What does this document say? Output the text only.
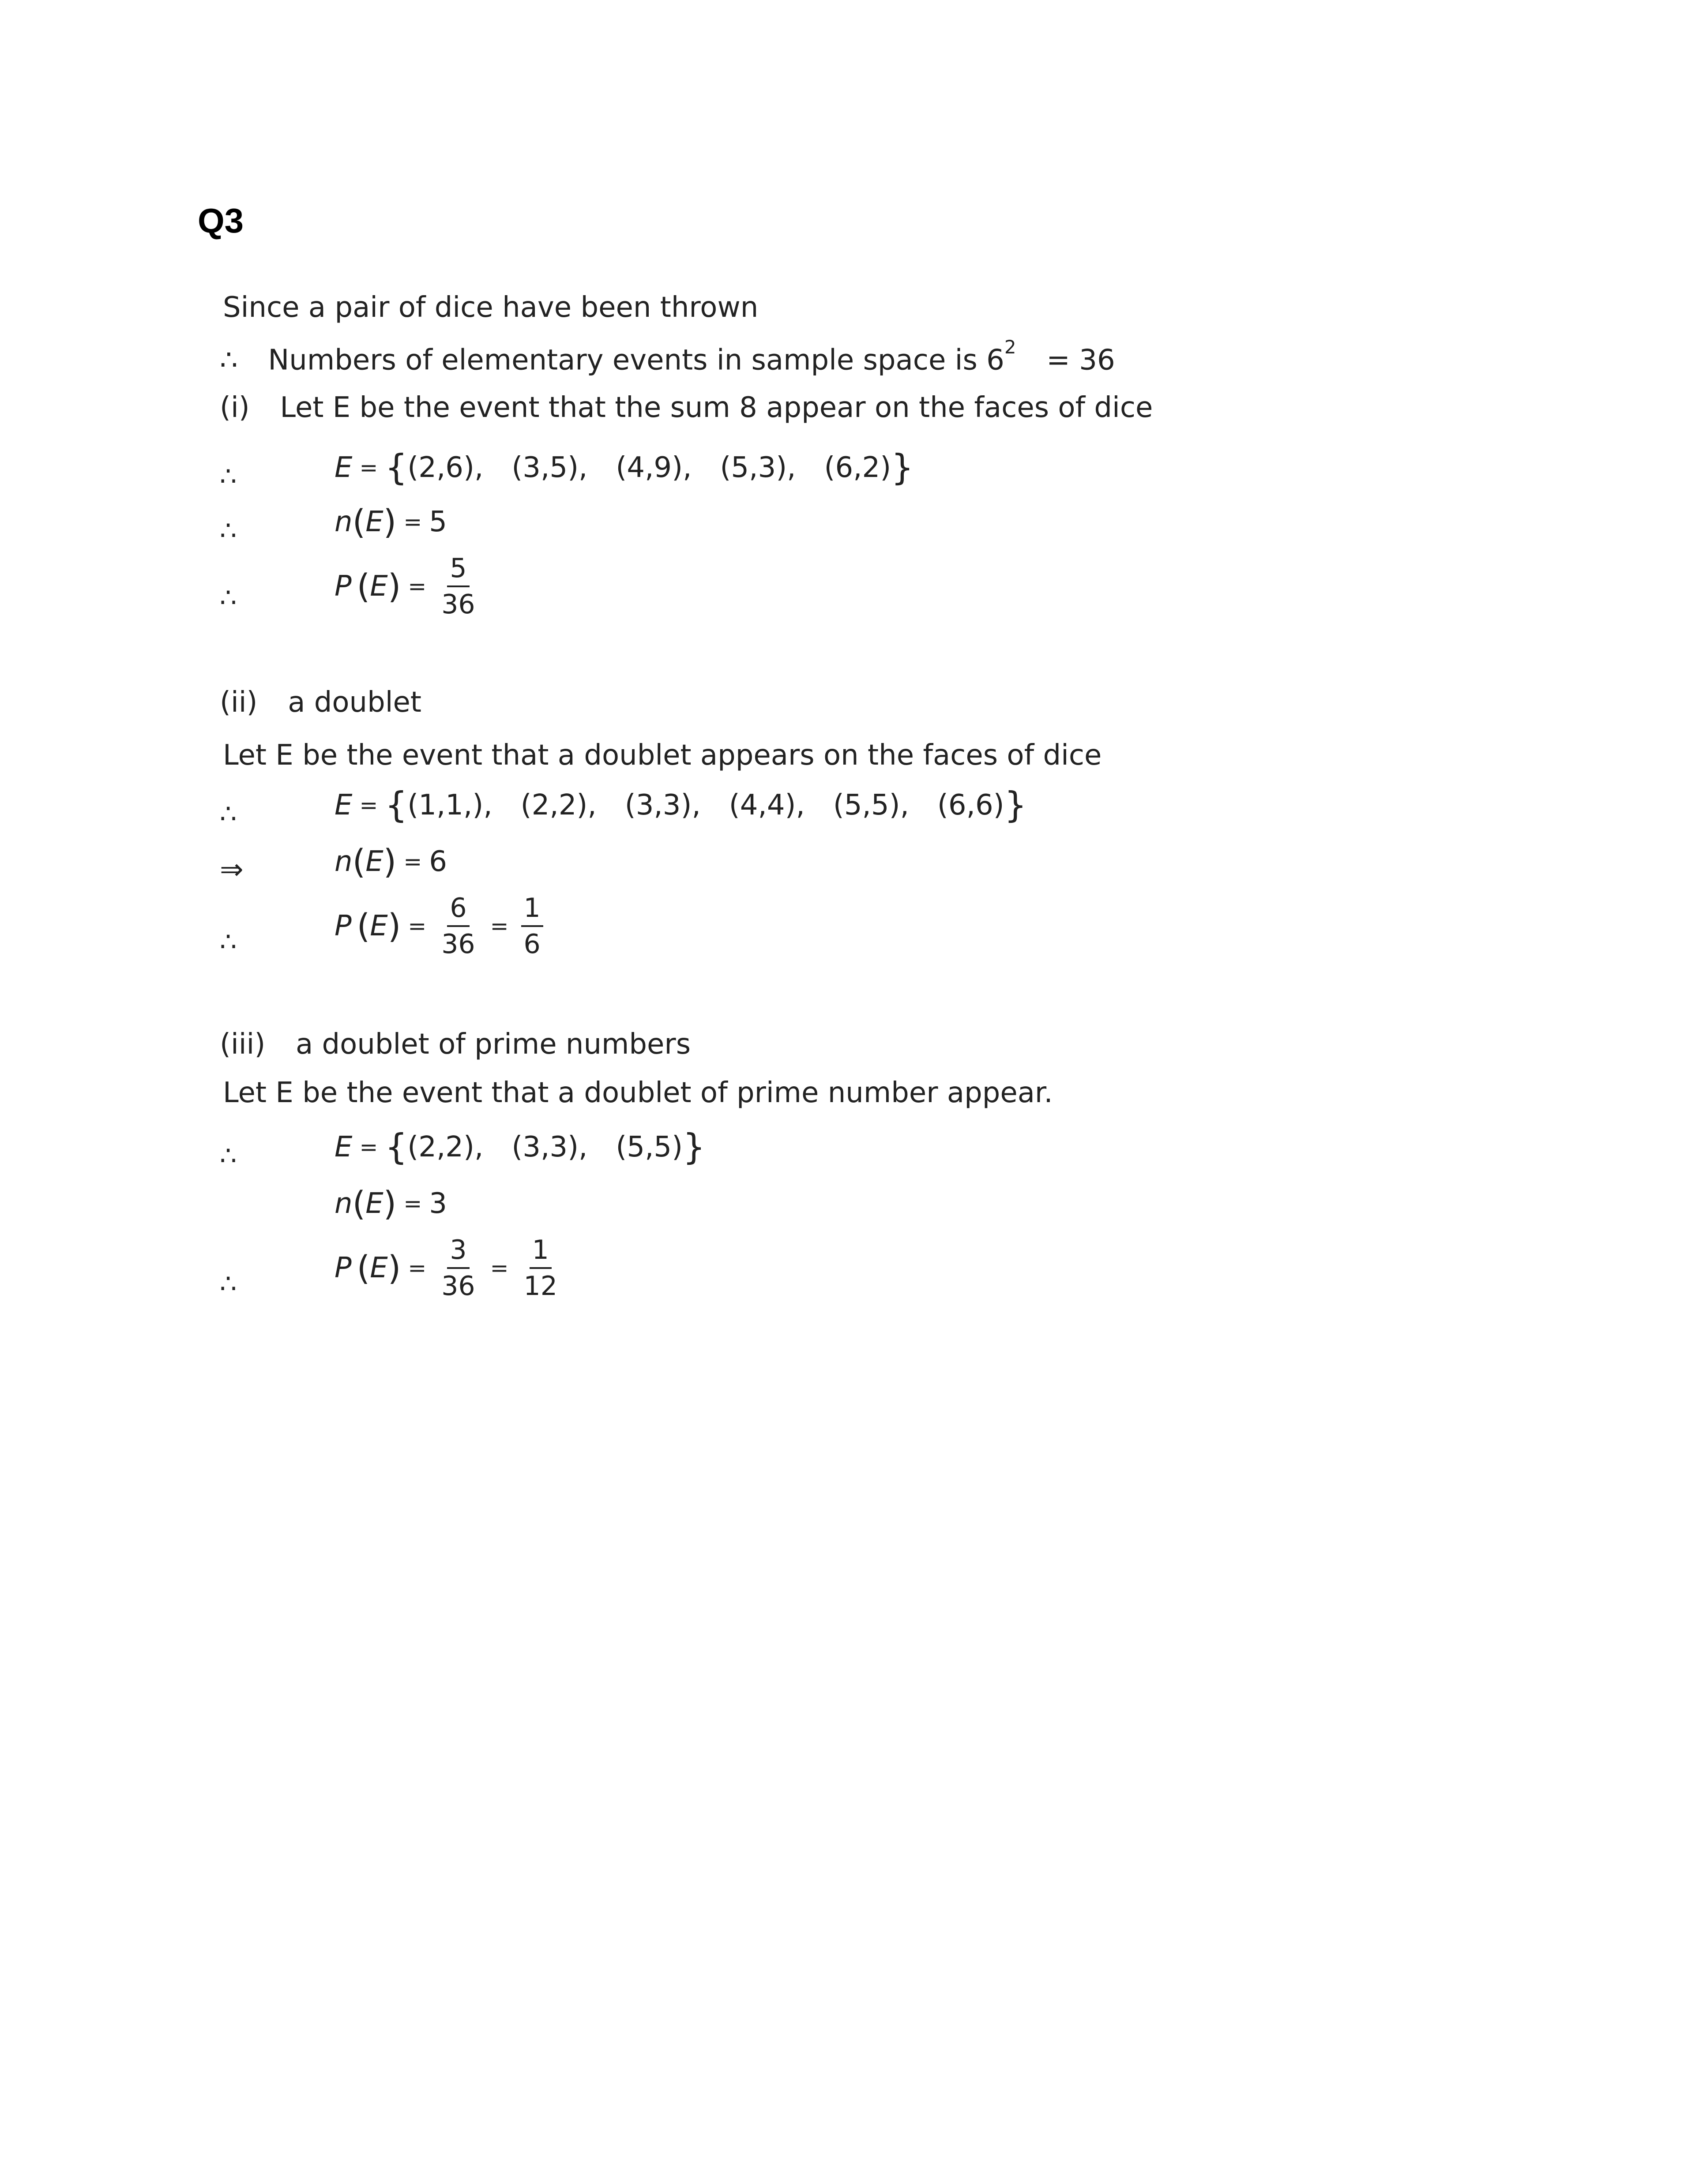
Q3
Since a pair of dice have been thrown
∴ Numbers of elementary events in sample space is $6^2 = 36$
(i) Let E be the event that the sum 8 appear on the faces of dice
∴	E = { (2,6), (3,5), (4,9), (5,3), (6,2) }
∴	n ( E ) = 5
∴	P ( E ) = $\frac{5}{36}$
(ii) a doublet
Let E be the event that a doublet appears on the faces of dice
∴	E = { (1,1,), (2,2), (3,3), (4,4), (5,5), (6,6) }
⇒	n ( E ) = 6
∴	P ( E ) = $\frac{6}{36} = \frac{1}{6}$
(iii) a doublet of prime numbers
Let E be the event that a doublet of prime number appear.
∴	E = { (2,2), (3,3), (5,5) }
n ( E ) = 3
∴	P ( E ) = $\frac{3}{36} = \frac{1}{12}$
